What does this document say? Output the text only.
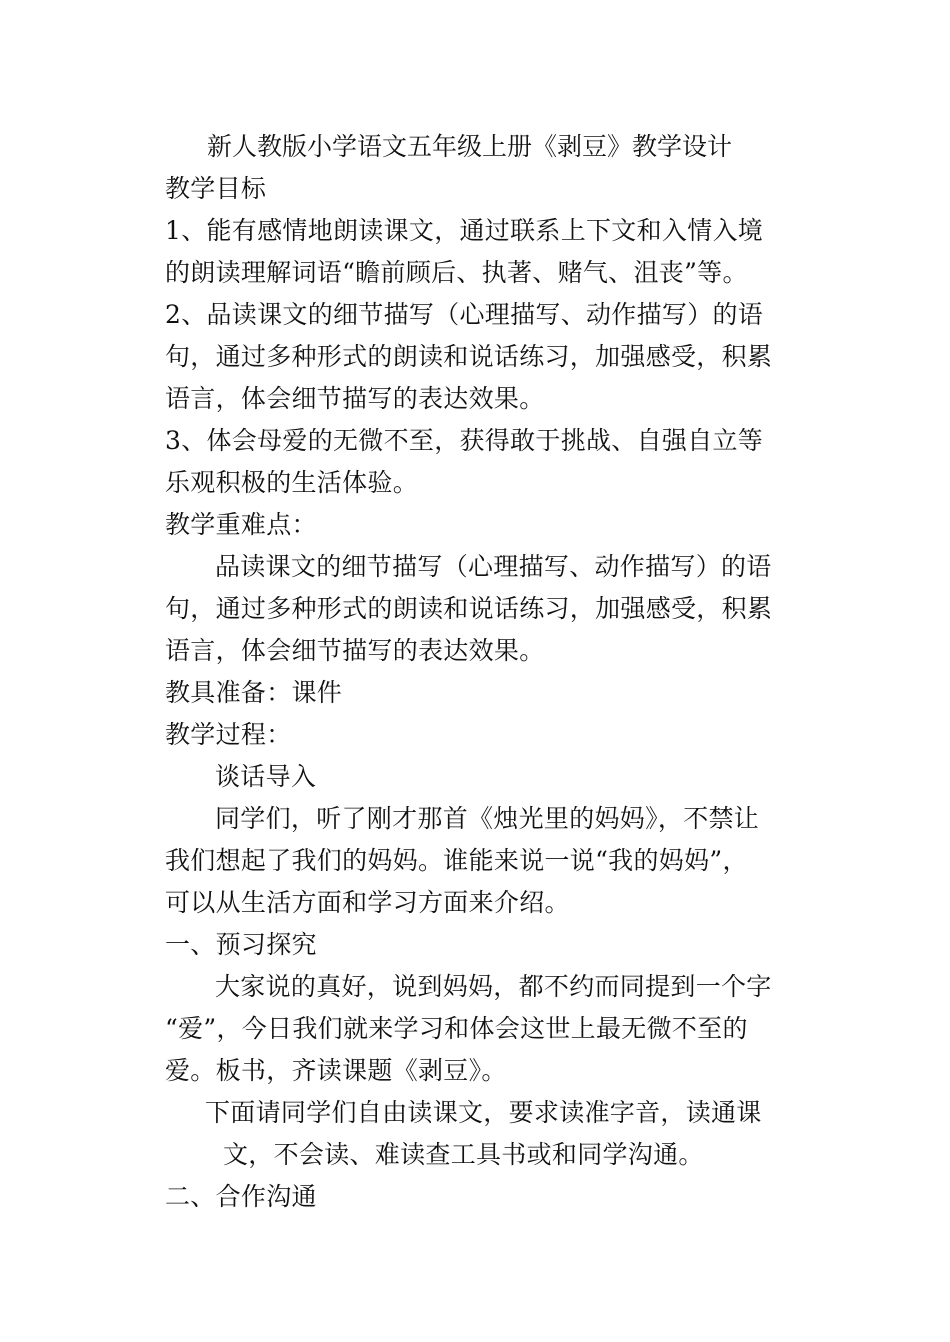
新人教版小学语文五年级上册《剥豆》教学设计
教学目标
1、能有感情地朗读课文，通过联系上下文和入情入境
的朗读理解词语“瞻前顾后、执著、赌气、沮丧”等。
2、品读课文的细节描写（心理描写、动作描写）的语
句，通过多种形式的朗读和说话练习，加强感受，积累
语言，体会细节描写的表达效果。
3、体会母爱的无微不至，获得敢于挑战、自强自立等
乐观积极的生活体验。
教学重难点：
品读课文的细节描写（心理描写、动作描写）的语
句，通过多种形式的朗读和说话练习，加强感受，积累
语言，体会细节描写的表达效果。
教具准备：课件
教学过程：
谈话导入
同学们，听了刚才那首《烛光里的妈妈》，不禁让
我们想起了我们的妈妈。谁能来说一说“我的妈妈”，
可以从生活方面和学习方面来介绍。
一、预习探究
大家说的真好，说到妈妈，都不约而同提到一个字
“爱”，今日我们就来学习和体会这世上最无微不至的
爱。板书，齐读课题《剥豆》。
下面请同学们自由读课文，要求读准字音，读通课
文，不会读、难读查工具书或和同学沟通。
二、合作沟通
